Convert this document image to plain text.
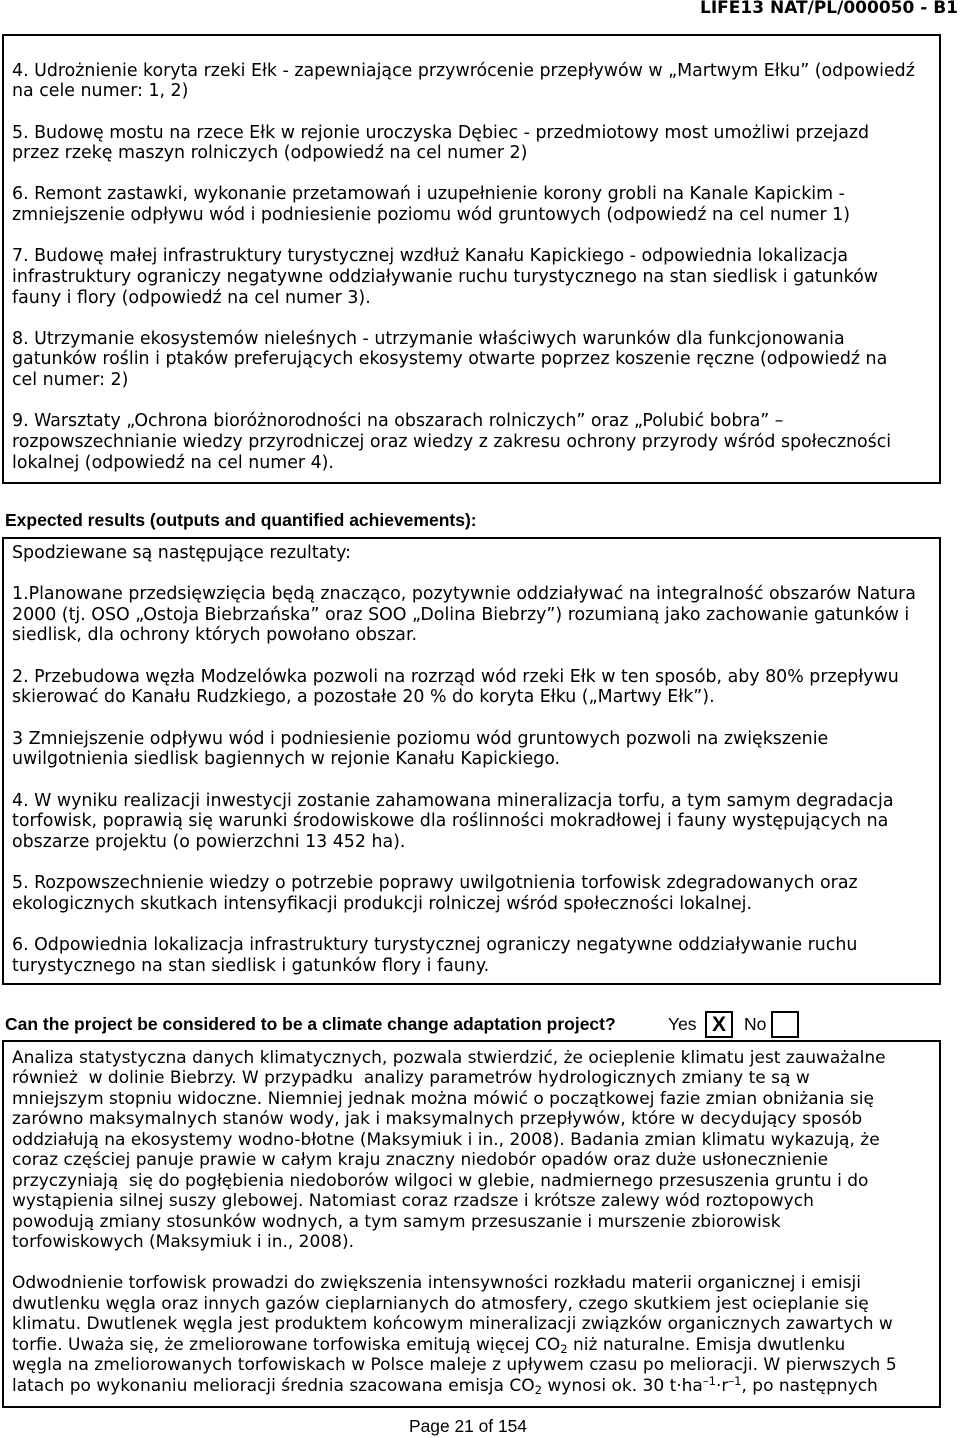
LIFE13 NAT/PL/000050 - B1
4. Udrożnienie koryta rzeki Ełk - zapewniające przywrócenie przepływów w „Martwym Ełku” (odpowiedź
na cele numer: 1, 2)
5. Budowę mostu na rzece Ełk w rejonie uroczyska Dębiec - przedmiotowy most umożliwi przejazd
przez rzekę maszyn rolniczych (odpowiedź na cel numer 2)
6. Remont zastawki, wykonanie przetamowań i uzupełnienie korony grobli na Kanale Kapickim -
zmniejszenie odpływu wód i podniesienie poziomu wód gruntowych (odpowiedź na cel numer 1)
7. Budowę małej infrastruktury turystycznej wzdłuż Kanału Kapickiego - odpowiednia lokalizacja
infrastruktury ograniczy negatywne oddziaływanie ruchu turystycznego na stan siedlisk i gatunków
fauny i flory (odpowiedź na cel numer 3).
8. Utrzymanie ekosystemów nieleśnych - utrzymanie właściwych warunków dla funkcjonowania
gatunków roślin i ptaków preferujących ekosystemy otwarte poprzez koszenie ręczne (odpowiedź na
cel numer: 2)
9. Warsztaty „Ochrona bioróżnorodności na obszarach rolniczych” oraz „Polubić bobra” –
rozpowszechnianie wiedzy przyrodniczej oraz wiedzy z zakresu ochrony przyrody wśród społeczności
lokalnej (odpowiedź na cel numer 4).
Expected results (outputs and quantified achievements):
Spodziewane są następujące rezultaty:
1.Planowane przedsięwzięcia będą znacząco, pozytywnie oddziaływać na integralność obszarów Natura
2000 (tj. OSO „Ostoja Biebrzańska” oraz SOO „Dolina Biebrzy”) rozumianą jako zachowanie gatunków i
siedlisk, dla ochrony których powołano obszar.
2. Przebudowa węzła Modzelówka pozwoli na rozrząd wód rzeki Ełk w ten sposób, aby 80% przepływu
skierować do Kanału Rudzkiego, a pozostałe 20 % do koryta Ełku („Martwy Ełk”).
3 Zmniejszenie odpływu wód i podniesienie poziomu wód gruntowych pozwoli na zwiększenie
uwilgotnienia siedlisk bagiennych w rejonie Kanału Kapickiego.
4. W wyniku realizacji inwestycji zostanie zahamowana mineralizacja torfu, a tym samym degradacja
torfowisk, poprawią się warunki środowiskowe dla roślinności mokradłowej i fauny występujących na
obszarze projektu (o powierzchni 13 452 ha).
5. Rozpowszechnienie wiedzy o potrzebie poprawy uwilgotnienia torfowisk zdegradowanych oraz
ekologicznych skutkach intensyfikacji produkcji rolniczej wśród społeczności lokalnej.
6. Odpowiednia lokalizacja infrastruktury turystycznej ograniczy negatywne oddziaływanie ruchu
turystycznego na stan siedlisk i gatunków flory i fauny.
Can the project be considered to be a climate change adaptation project?	Yes X No
Analiza statystyczna danych klimatycznych, pozwala stwierdzić, że ocieplenie klimatu jest zauważalne
również  w dolinie Biebrzy. W przypadku  analizy parametrów hydrologicznych zmiany te są w
mniejszym stopniu widoczne. Niemniej jednak można mówić o początkowej fazie zmian obniżania się
zarówno maksymalnych stanów wody, jak i maksymalnych przepływów, które w decydujący sposób
oddziałują na ekosystemy wodno-błotne (Maksymiuk i in., 2008). Badania zmian klimatu wykazują, że
coraz częściej panuje prawie w całym kraju znaczny niedobór opadów oraz duże usłonecznienie
przyczyniają  się do pogłębienia niedoborów wilgoci w glebie, nadmiernego przesuszenia gruntu i do
wystąpienia silnej suszy glebowej. Natomiast coraz rzadsze i krótsze zalewy wód roztopowych
powodują zmiany stosunków wodnych, a tym samym przesuszanie i murszenie zbiorowisk
torfowiskowych (Maksymiuk i in., 2008).
Odwodnienie torfowisk prowadzi do zwiększenia intensywności rozkładu materii organicznej i emisji
dwutlenku węgla oraz innych gazów cieplarnianych do atmosfery, czego skutkiem jest ocieplanie się
klimatu. Dwutlenek węgla jest produktem końcowym mineralizacji związków organicznych zawartych w
torfie. Uważa się, że zmeliorowane torfowiska emitują więcej $CO_2$ niż naturalne. Emisja dwutlenku
węgla na zmeliorowanych torfowiskach w Polsce maleje z upływem czasu po melioracji. W pierwszych 5
latach po wykonaniu melioracji średnia szacowana emisja $CO_2$ wynosi ok. 30 $t\cdot ha^{-1}\cdot r^{-1}$, po następnych
Page 21 of 154
